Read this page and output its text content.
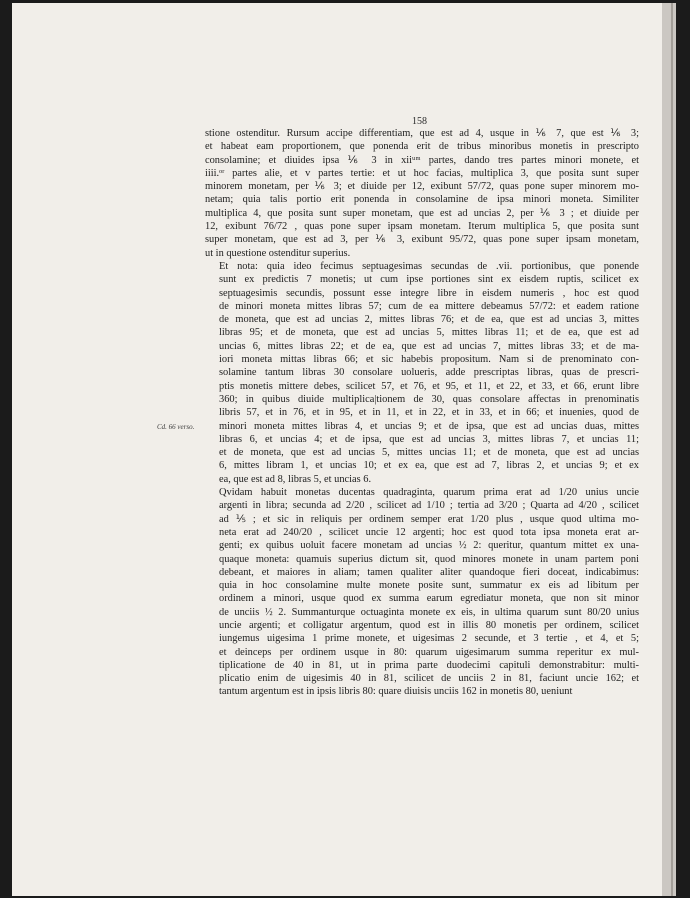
158
Cd. 66 verso.

stione ostenditur. Rursum accipe differentiam, que est ad 4, usque in ⅙ 7, que est ⅙ 3;
et habeat eam proportionem, que ponenda erit de tribus minoribus monetis in prescripto
consolamine; et diuides ipsa ⅙ 3 in xiiᵘᵐ partes, dando tres partes minori monete, et
iiii.ᵒʳ partes alie, et v partes tertie: et ut hoc facias, multiplica 3, que posita sunt super
minorem monetam, per ⅙ 3; et diuide per 12, exibunt 57/72, quas pone super minorem mo-
netam; quia talis portio erit ponenda in consolamine de ipsa minori moneta. Similiter
multiplica 4, que posita sunt super monetam, que est ad uncias 2, per ⅙ 3 ; et diuide per
12, exibunt 76/72 , quas pone super ipsam monetam. Iterum multiplica 5, que posita sunt
super monetam, que est ad 3, per ⅙ 3, exibunt 95/72, quas pone super ipsam monetam,
ut in questione ostenditur superius.

Et nota: quia ideo fecimus septuagesimas secundas de .vii. portionibus, que ponende
sunt ex predictis 7 monetis; ut cum ipse portiones sint ex eisdem ruptis, scilicet ex
septuagesimis secundis, possunt esse integre libre in eisdem numeris , hoc est quod
de minori moneta mittes libras 57; cum de ea mittere debeamus 57/72: et eadem ratione
de moneta, que est ad uncias 2, mittes libras 76; et de ea, que est ad uncias 3, mittes
libras 95; et de moneta, que est ad uncias 5, mittes libras 11; et de ea, que est ad
uncias 6, mittes libras 22; et de ea, que est ad uncias 7, mittes libras 33; et de ma-
iori moneta mittas libras 66; et sic habebis propositum. Nam si de prenominato con-
solamine tantum libras 30 consolare uolueris, adde prescriptas libras, quas de prescri-
ptis monetis mittere debes, scilicet 57, et 76, et 95, et 11, et 22, et 33, et 66, erunt libre
360; in quibus diuide multiplica|tionem de 30, quas consolare affectas in prenominatis
libris 57, et in 76, et in 95, et in 11, et in 22, et in 33, et in 66; et inuenies, quod de
minori moneta mittes libras 4, et uncias 9; et de ipsa, que est ad uncias duas, mittes
libras 6, et uncias 4; et de ipsa, que est ad uncias 3, mittes libras 7, et uncias 11;
et de moneta, que est ad uncias 5, mittes uncias 11; et de moneta, que est ad uncias
6, mittes libram 1, et uncias 10; et ex ea, que est ad 7, libras 2, et uncias 9; et ex
ea, que est ad 8, libras 5, et uncias 6.

Qvidam habuit monetas ducentas quadraginta, quarum prima erat ad 1/20 unius uncie
argenti in libra; secunda ad 2/20 , scilicet ad 1/10 ; tertia ad 3/20 ; Quarta ad 4/20 , scilicet
ad ⅕ ; et sic in reliquis per ordinem semper erat 1/20 plus , usque quod ultima mo-
neta erat ad 240/20 , scilicet uncie 12 argenti; hoc est quod tota ipsa moneta erat ar-
genti; ex quibus uoluit facere monetam ad uncias ½ 2: queritur, quantum mittet ex una-
quaque moneta: quamuis superius dictum sit, quod minores monete in unam partem poni
debeant, et maiores in aliam; tamen qualiter aliter quandoque fieri doceat, indicabimus:
quia in hoc consolamine multe monete posite sunt, summatur ex eis ad libitum per
ordinem a minori, usque quod ex summa earum egrediatur moneta, que non sit minor
de unciis ½ 2. Summanturque octuaginta monete ex eis, in ultima quarum sunt 80/20 unius
uncie argenti; et colligatur argentum, quod est in illis 80 monetis per ordinem, scilicet
iungemus uigesima 1 prime monete, et uigesimas 2 secunde, et 3 tertie , et 4, et 5;
et deinceps per ordinem usque in 80: quarum uigesimarum summa reperitur ex mul-
tiplicatione de 40 in 81, ut in prima parte duodecimi capituli demonstrabitur: multi-
plicatio enim de uigesimis 40 in 81, scilicet de unciis 2 in 81, faciunt uncie 162; et
tantum argentum est in ipsis libris 80: quare diuisis unciis 162 in monetis 80, ueniunt
